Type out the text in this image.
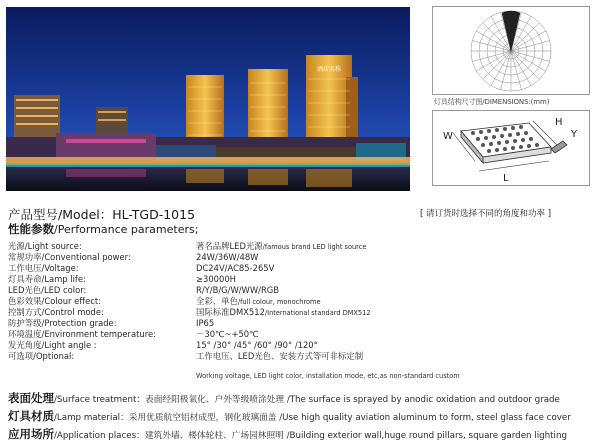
酒店名称
灯具结构尺寸图/DIMENSIONS:(mm)
W
H
Y
L
产品型号/Model：HL-TGD-1015	[ 请订货时选择不同的角度和功率 ]
性能参数/Performance parameters;
光源/Light source:	著名品牌LED光源/famous brand LED light source
常规功率/Conventional power:	24W/36W/48W
工作电压/Voltage:	DC24V/AC85-265V
灯具寿命/Lamp life:	≥30000H
LED光色/LED color:	R/Y/B/G/W/WW/RGB
色彩效果/Colour effect:	全彩、单色/full colour, monochrome
控制方式/Control mode:	国际标准DMX512/International standard DMX512
防护等级/Protection grade:	IP65
环境温度/Environment temperature:	－30℃~+50℃
发光角度/Light angle :	15° /30° /45° /60° /90° /120°
可选项/Optional:	工作电压、LED光色、安装方式等可非标定制
Working voltage, LED light color, installation mode, etc,as non-standard custom
表面处理/Surface treatment：表面经阳极氧化、户外等级喷涂处理 /The surface is sprayed by anodic oxidation and outdoor grade
灯具材质/Lamp material：采用优质航空铝材成型，钢化玻璃面盖 /Use high quality aviation aluminum to form, steel glass face cover
应用场所/Application places：建筑外墙、楼体轮柱、广场园林照明 /Building exterior wall,huge round pillars, square garden lighting
